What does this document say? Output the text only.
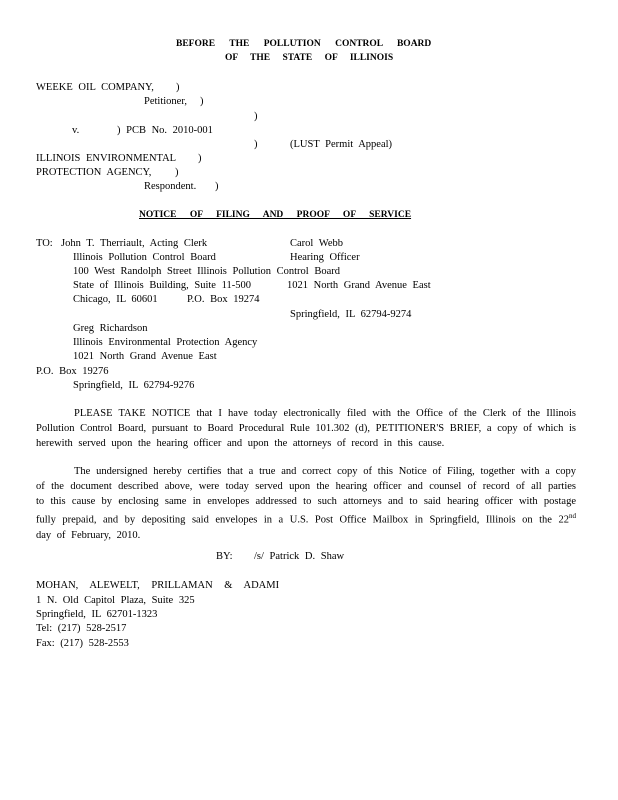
BEFORE THE POLLUTION CONTROL BOARD
OF THE STATE OF ILLINOIS
WEEKE OIL COMPANY, )
Petitioner, )
)
v.	) PCB No. 2010-001
)	(LUST Permit Appeal)
ILLINOIS ENVIRONMENTAL )
PROTECTION AGENCY, )
Respondent. )
NOTICE OF FILING AND PROOF OF SERVICE
TO: John T. Therriault, Acting Clerk
Illinois Pollution Control Board
100 West Randolph Street Illinois Pollution Control Board
State of Illinois Building, Suite 11-500
Chicago, IL 60601	P.O. Box 19274
Carol Webb
Hearing Officer
1021 North Grand Avenue East
Springfield, IL 62794-9274
Greg Richardson
Illinois Environmental Protection Agency
1021 North Grand Avenue East
P.O. Box 19276
Springfield, IL 62794-9276
PLEASE TAKE NOTICE that I have today electronically filed with the Office of the Clerk of the Illinois Pollution Control Board, pursuant to Board Procedural Rule 101.302 (d), PETITIONER'S BRIEF, a copy of which is herewith served upon the hearing officer and upon the attorneys of record in this cause.
The undersigned hereby certifies that a true and correct copy of this Notice of Filing, together with a copy of the document described above, were today served upon the hearing officer and counsel of record of all parties to this cause by enclosing same in envelopes addressed to such attorneys and to said hearing officer with postage fully prepaid, and by depositing said envelopes in a U.S. Post Office Mailbox in Springfield, Illinois on the 22nd day of February, 2010.
BY: /s/ Patrick D. Shaw
MOHAN, ALEWELT, PRILLAMAN & ADAMI
1 N. Old Capitol Plaza, Suite 325
Springfield, IL 62701-1323
Tel: (217) 528-2517
Fax: (217) 528-2553
